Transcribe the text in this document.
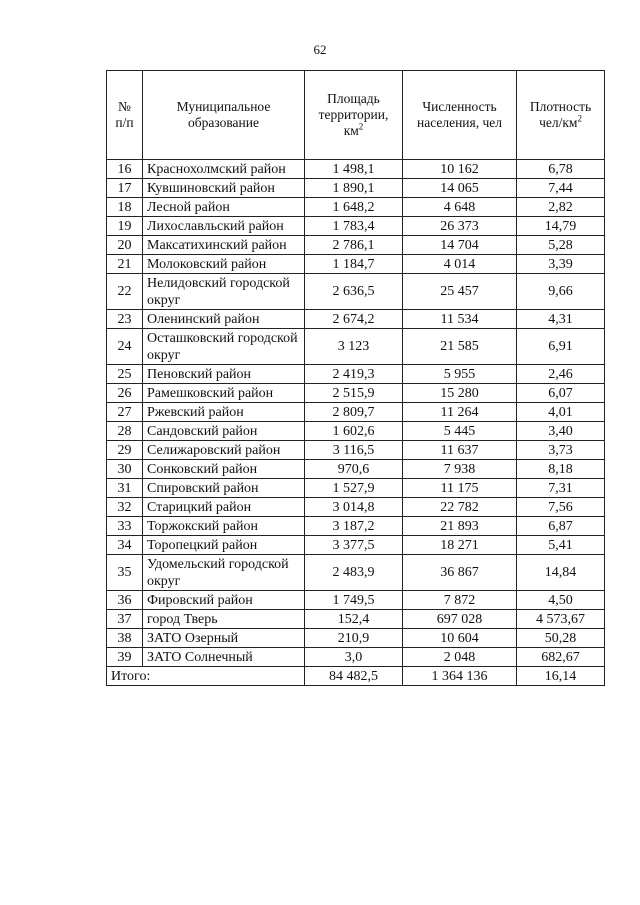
62
№ п/п	Муниципальное образование	Площадь территории, $км^2$	Численность населения, чел	Плотность чел/$км^2$
16	Краснохолмский район	1 498,1	10 162	6,78
17	Кувшиновский район	1 890,1	14 065	7,44
18	Лесной район	1 648,2	4 648	2,82
19	Лихославльский район	1 783,4	26 373	14,79
20	Максатихинский район	2 786,1	14 704	5,28
21	Молоковский район	1 184,7	4 014	3,39
22	Нелидовский городской округ	2 636,5	25 457	9,66
23	Оленинский район	2 674,2	11 534	4,31
24	Осташковский городской округ	3 123	21 585	6,91
25	Пеновский район	2 419,3	5 955	2,46
26	Рамешковский район	2 515,9	15 280	6,07
27	Ржевский район	2 809,7	11 264	4,01
28	Сандовский район	1 602,6	5 445	3,40
29	Селижаровский район	3 116,5	11 637	3,73
30	Сонковский район	970,6	7 938	8,18
31	Спировский район	1 527,9	11 175	7,31
32	Старицкий район	3 014,8	22 782	7,56
33	Торжокский район	3 187,2	21 893	6,87
34	Торопецкий район	3 377,5	18 271	5,41
35	Удомельский городской округ	2 483,9	36 867	14,84
36	Фировский район	1 749,5	7 872	4,50
37	город Тверь	152,4	697 028	4 573,67
38	ЗАТО Озерный	210,9	10 604	50,28
39	ЗАТО Солнечный	3,0	2 048	682,67
Итого:		84 482,5	1 364 136	16,14
